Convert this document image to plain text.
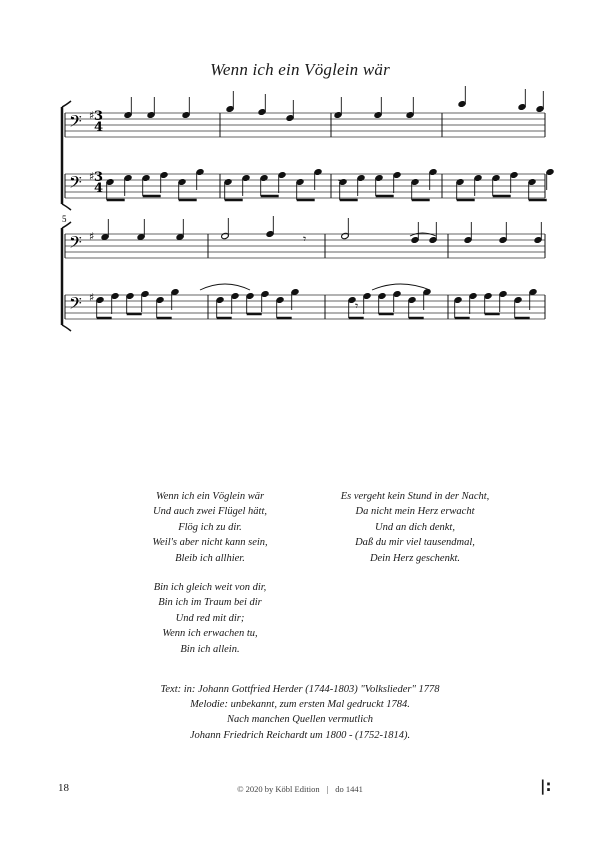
Wenn ich ein Vöglein wär
𝄾	𝄾
𝄾
𝄾
𝄢 ♯
𝄢 ♯
𝄢 ♯
𝄢 ♯
3
4
3
4
5
Wenn ich ein Vöglein wär
Und auch zwei Flügel hätt,
Flög ich zu dir.
Weil's aber nicht kann sein,
Bleib ich allhier.
Bin ich gleich weit von dir,
Bin ich im Traum bei dir
Und red mit dir;
Wenn ich erwachen tu,
Bin ich allein.
Es vergeht kein Stund in der Nacht,
Da nicht mein Herz erwacht
Und an dich denkt,
Daß du mir viel tausendmal,
Dein Herz geschenkt.
Text: in: Johann Gottfried Herder (1744-1803) "Volkslieder" 1778
Melodie: unbekannt, zum ersten Mal gedruckt 1784.
Nach manchen Quellen vermutlich
Johann Friedrich Reichardt um 1800 - (1752-1814).
18	© 2020 by Köbl Edition | do 1441	|:
